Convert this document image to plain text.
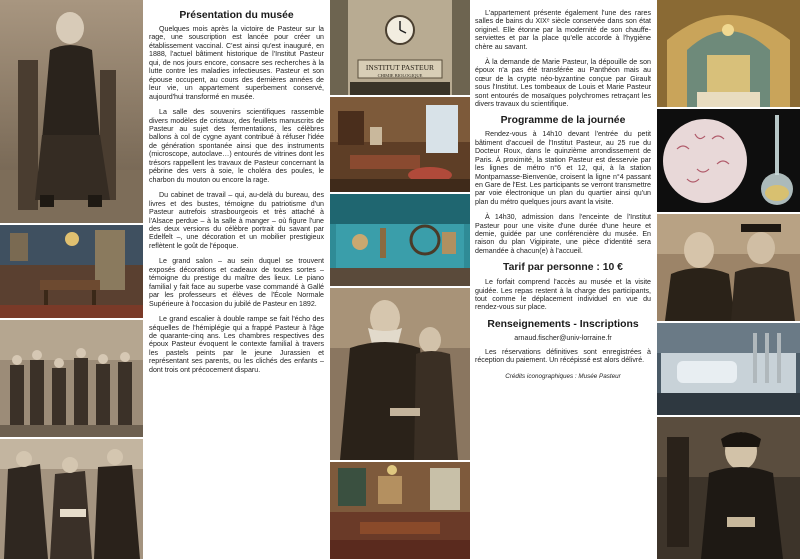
Présentation du musée

Quelques mois après la victoire de Pasteur sur la rage, une souscription est lancée pour créer un établissement vaccinal. C'est ainsi qu'est inauguré, en 1888, l'actuel bâtiment historique de l'Institut Pasteur qui, de nos jours encore, consacre ses recherches à la lutte contre les maladies infectieuses. Pasteur et son épouse occupent, au cours des dernières années de leur vie, un appartement superbement conservé, aujourd'hui transformé en musée.

La salle des souvenirs scientifiques rassemble divers modèles de cristaux, des feuillets manuscrits de Pasteur au sujet des fermentations, les célèbres ballons à col de cygne ayant contribué à réfuser l'idée de génération spontanée ainsi que des instruments (microscope, autoclave…) entourés de vitrines dont les trésors rappellent les travaux de Pasteur concernant la pébrine des vers à soie, le choléra des poules, le charbon du mouton ou encore la rage.

Du cabinet de travail – qui, au-delà du bureau, des livres et des bustes, témoigne du patriotisme d'un Pasteur autrefois strasbourgeois et très attaché à l'Alsace perdue – à la salle à manger – où figure l'une des deux versions du célèbre portrait du savant par Edelfelt –, une décoration et un mobilier prestigieux reflètent le goût de l'époque.

Le grand salon – au sein duquel se trouvent exposés décorations et cadeaux de toutes sortes – témoigne du prestige du maître des lieux. Le piano familial y fait face au superbe vase commandé à Gallé par les professeurs et élèves de l'École Normale Supérieure à l'occasion du jubilé de Pasteur en 1892.

Le grand escalier à double rampe se fait l'écho des séquelles de l'hémiplégie qui a frappé Pasteur à l'âge de quarante-cinq ans. Les chambres respectives des époux Pasteur évoquent le contexte familial à travers les pastels peints par le jeune Jurassien et représentant ses parents, ou les clichés des enfants – dont trois ont précocement disparu.

INSTITUT PASTEUR
CHIMIE BIOLOGIQUE

L'appartement présente également l'une des rares salles de bains du XIXᵉ siècle conservée dans son état originel. Elle étonne par la modernité de son chauffe-serviettes et par la place qu'elle accorde à l'hygiène chère au savant.

À la demande de Marie Pasteur, la dépouille de son époux n'a pas été transférée au Panthéon mais au cœur de la crypte néo-byzantine conçue par Girault sous l'Institut. Les tombeaux de Louis et Marie Pasteur sont entourés de mosaïques polychromes retraçant les divers travaux du scientifique.

Programme de la journée

Rendez-vous à 14h10 devant l'entrée du petit bâtiment d'accueil de l'Institut Pasteur, au 25 rue du Docteur Roux, dans le quinzième arrondissement de Paris. À proximité, la station Pasteur est desservie par les lignes de métro n°6 et 12, qui, à la station Montparnasse-Bienvenüe, croisent la ligne n°4 passant en Gare de l'Est. Les participants se verront transmettre par voie électronique un plan du quartier ainsi qu'un plan du métro quelques jours avant la visite.

À 14h30, admission dans l'enceinte de l'Institut Pasteur pour une visite d'une durée d'une heure et demie, guidée par une conférencière du musée. En raison du plan Vigipirate, une pièce d'identité sera demandée à chacun(e) à l'accueil.

Tarif par personne : 10 €

Le forfait comprend l'accès au musée et la visite guidée. Les repas restent à la charge des participants, tout comme le déplacement individuel en vue du rendez-vous sur place.

Renseignements - Inscriptions
arnaud.fischer@univ-lorraine.fr

Les réservations définitives sont enregistrées à réception du paiement. Un récépissé est alors délivré.

Crédits iconographiques : Musée Pasteur
